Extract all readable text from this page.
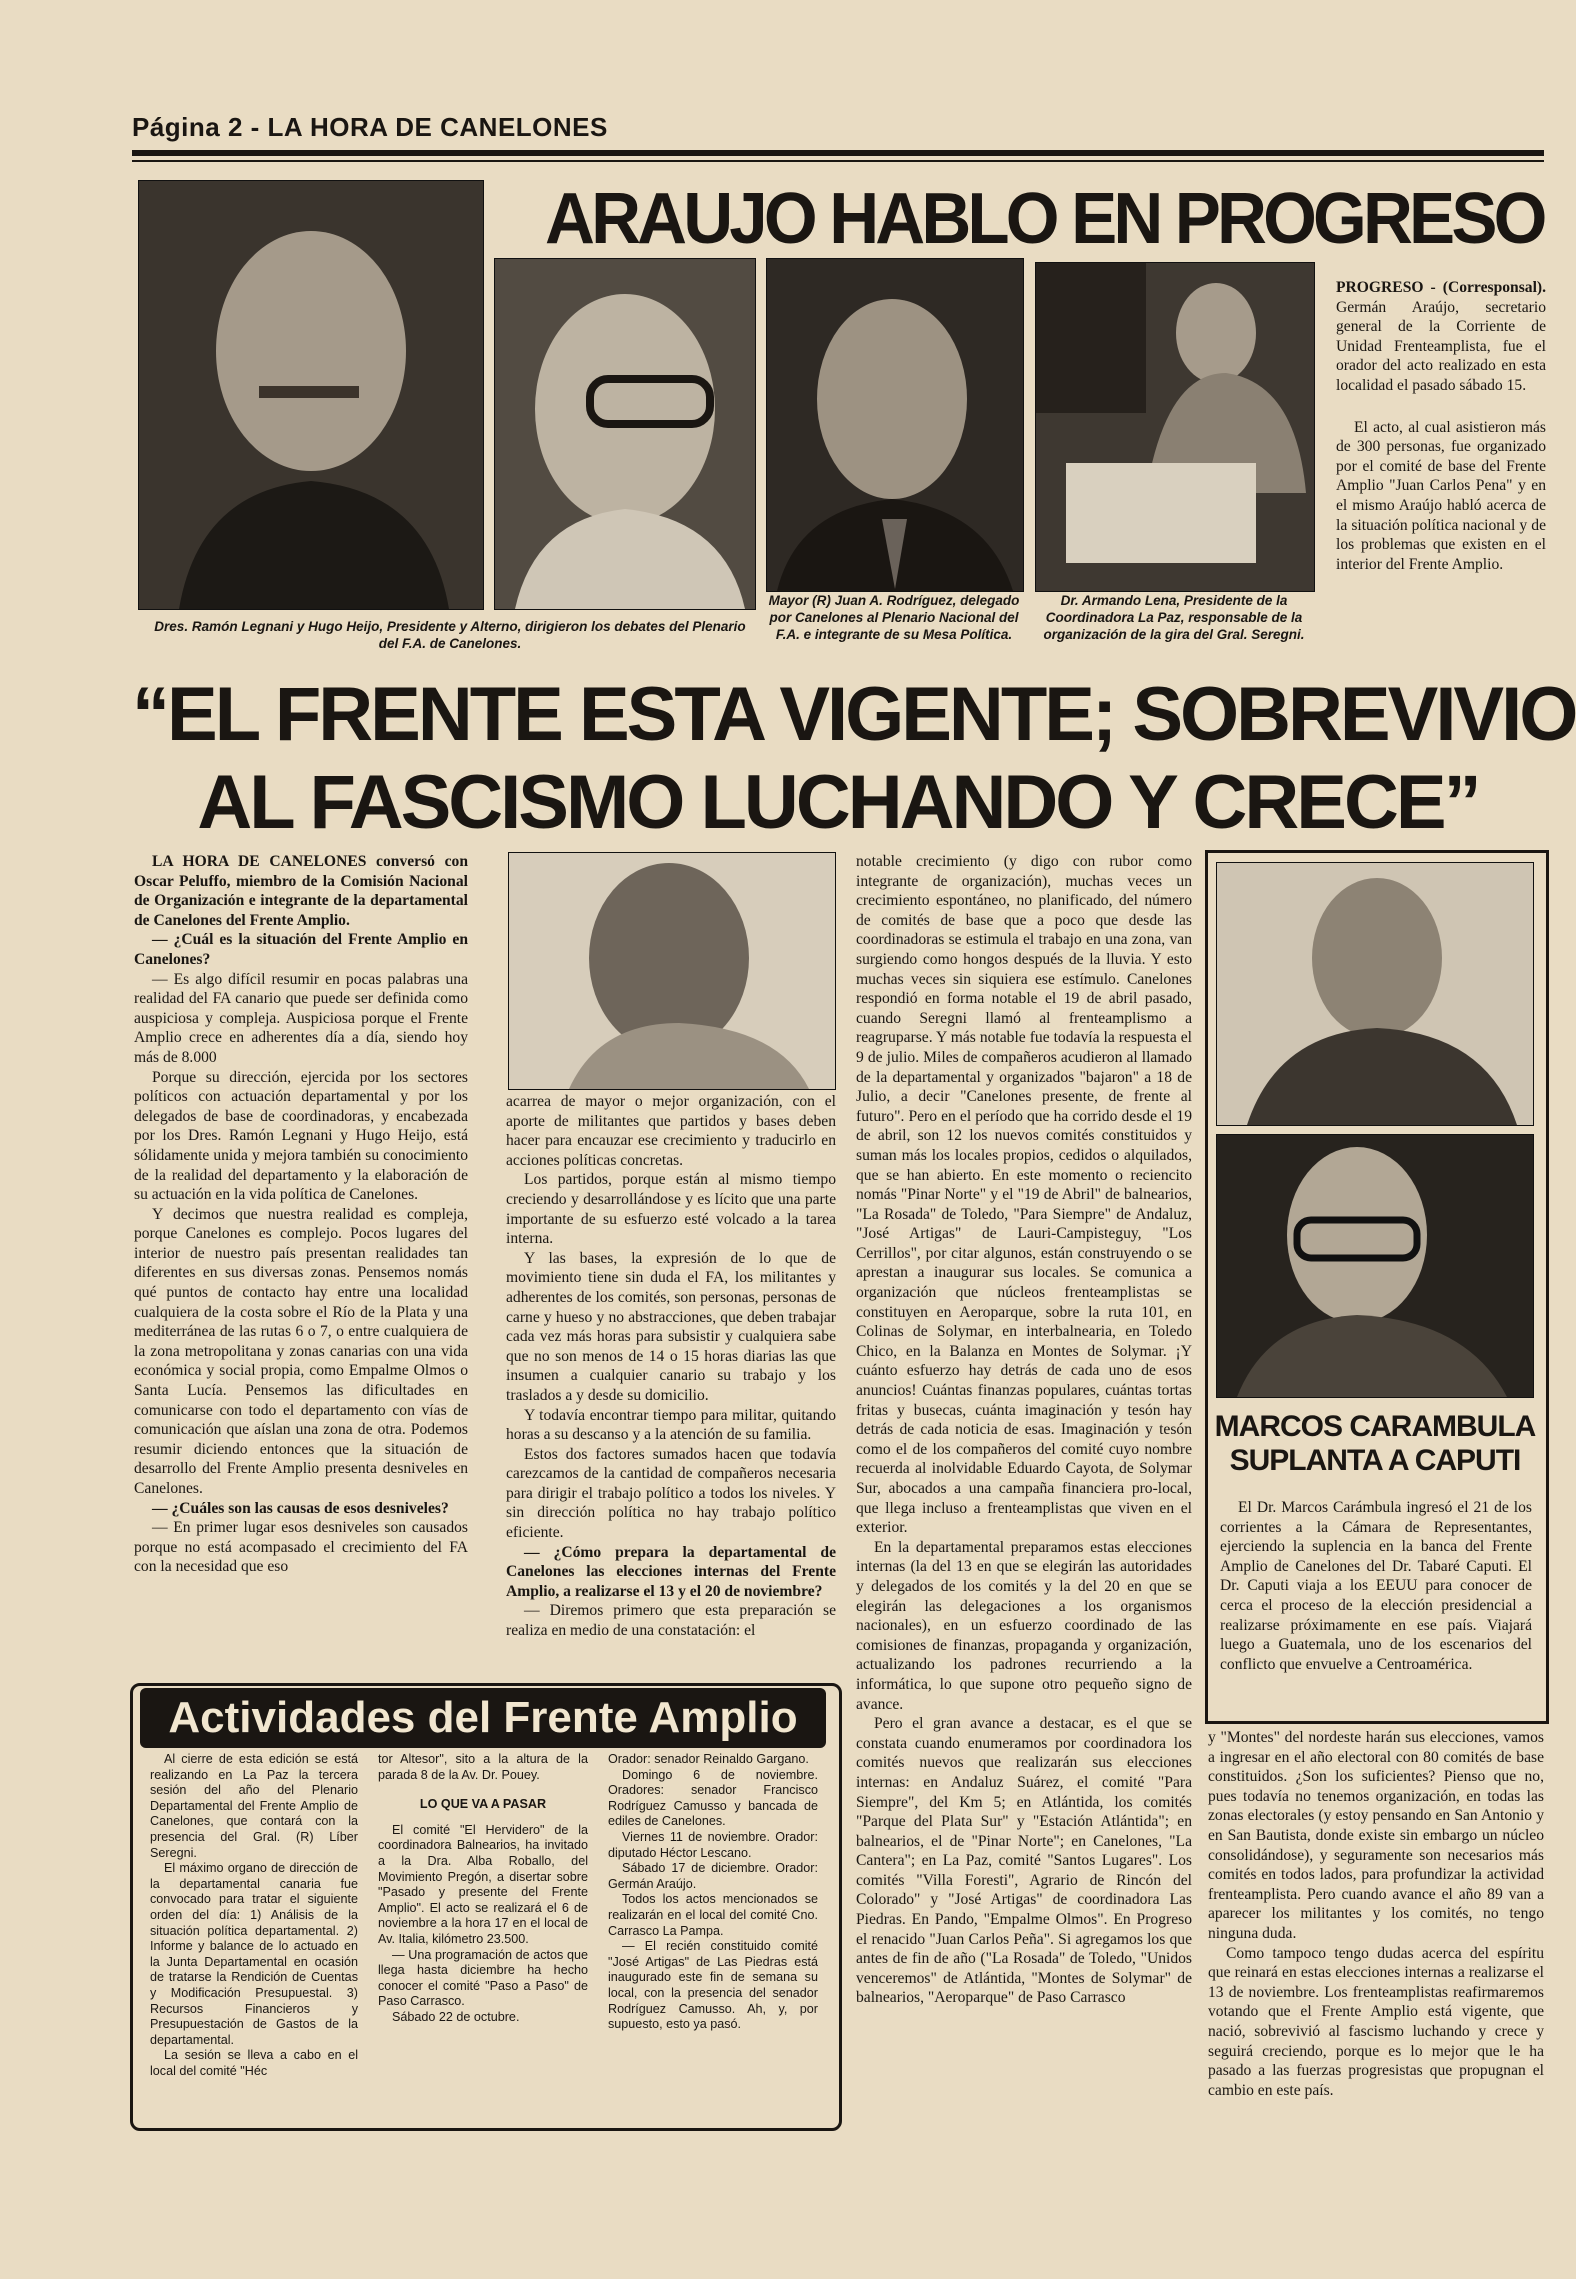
Página 2 - LA HORA DE CANELONES
ARAUJO HABLO EN PROGRESO
Dres. Ramón Legnani y Hugo Heijo, Presidente y Alterno, dirigieron los debates del Plenario del F.A. de Canelones.
Mayor (R) Juan A. Rodríguez, delegado por Canelones al Plenario Nacional del F.A. e integrante de su Mesa Política.
Dr. Armando Lena, Presidente de la Coordinadora La Paz, responsable de la organización de la gira del Gral. Seregni.

PROGRESO - (Corresponsal). Germán Araújo, secretario general de la Corriente de Unidad Frenteamplista, fue el orador del acto realizado en esta localidad el pasado sábado 15.

El acto, al cual asistieron más de 300 personas, fue organizado por el comité de base del Frente Amplio "Juan Carlos Pena" y en el mismo Araújo habló acerca de la situación política nacional y de los problemas que existen en el interior del Frente Amplio.

“EL FRENTE ESTA VIGENTE; SOBREVIVIO
AL FASCISMO LUCHANDO Y CRECE”

LA HORA DE CANELONES conversó con Oscar Peluffo, miembro de la Comisión Nacional de Organización e integrante de la departamental de Canelones del Frente Amplio.

— ¿Cuál es la situación del Frente Amplio en Canelones?

— Es algo difícil resumir en pocas palabras una realidad del FA canario que puede ser definida como auspiciosa y compleja. Auspiciosa porque el Frente Amplio crece en adherentes día a día, siendo hoy más de 8.000

Porque su dirección, ejercida por los sectores políticos con actuación departamental y por los delegados de base de coordinadoras, y encabezada por los Dres. Ramón Legnani y Hugo Heijo, está sólidamente unida y mejora también su conocimiento de la realidad del departamento y la elaboración de su actuación en la vida política de Canelones.

Y decimos que nuestra realidad es compleja, porque Canelones es complejo. Pocos lugares del interior de nuestro país presentan realidades tan diferentes en sus diversas zonas. Pensemos nomás qué puntos de contacto hay entre una localidad cualquiera de la costa sobre el Río de la Plata y una mediterránea de las rutas 6 o 7, o entre cualquiera de la zona metropolitana y zonas canarias con una vida económica y social propia, como Empalme Olmos o Santa Lucía. Pensemos las dificultades en comunicarse con todo el departamento con vías de comunicación que aíslan una zona de otra. Podemos resumir diciendo entonces que la situación de desarrollo del Frente Amplio presenta desniveles en Canelones.

— ¿Cuáles son las causas de esos desniveles?

— En primer lugar esos desniveles son causados porque no está acompasado el crecimiento del FA con la necesidad que eso

acarrea de mayor o mejor organización, con el aporte de militantes que partidos y bases deben hacer para encauzar ese crecimiento y traducirlo en acciones políticas concretas.

Los partidos, porque están al mismo tiempo creciendo y desarrollándose y es lícito que una parte importante de su esfuerzo esté volcado a la tarea interna.

Y las bases, la expresión de lo que de movimiento tiene sin duda el FA, los militantes y adherentes de los comités, son personas, personas de carne y hueso y no abstracciones, que deben trabajar cada vez más horas para subsistir y cualquiera sabe que no son menos de 14 o 15 horas diarias las que insumen a cualquier canario su trabajo y los traslados a y desde su domicilio.

Y todavía encontrar tiempo para militar, quitando horas a su descanso y a la atención de su familia.

Estos dos factores sumados hacen que todavía carezcamos de la cantidad de compañeros necesaria para dirigir el trabajo político a todos los niveles. Y sin dirección política no hay trabajo político eficiente.

— ¿Cómo prepara la departamental de Canelones las elecciones internas del Frente Amplio, a realizarse el 13 y el 20 de noviembre?

— Diremos primero que esta preparación se realiza en medio de una constatación: el

notable crecimiento (y digo con rubor como integrante de organización), muchas veces un crecimiento espontáneo, no planificado, del número de comités de base que a poco que desde las coordinadoras se estimula el trabajo en una zona, van surgiendo como hongos después de la lluvia. Y esto muchas veces sin siquiera ese estímulo. Canelones respondió en forma notable el 19 de abril pasado, cuando Seregni llamó al frenteamplismo a reagruparse. Y más notable fue todavía la respuesta el 9 de julio. Miles de compañeros acudieron al llamado de la departamental y organizados "bajaron" a 18 de Julio, a decir "Canelones presente, de frente al futuro". Pero en el período que ha corrido desde el 19 de abril, son 12 los nuevos comités constituidos y suman más los locales propios, cedidos o alquilados, que se han abierto. En este momento o reciencito nomás "Pinar Norte" y el "19 de Abril" de balnearios, "La Rosada" de Toledo, "Para Siempre" de Andaluz, "José Artigas" de Lauri-Campisteguy, "Los Cerrillos", por citar algunos, están construyendo o se aprestan a inaugurar sus locales. Se comunica a organización que núcleos frenteamplistas se constituyen en Aeroparque, sobre la ruta 101, en Colinas de Solymar, en interbalnearia, en Toledo Chico, en la Balanza en Montes de Solymar. ¡Y cuánto esfuerzo hay detrás de cada uno de esos anuncios! Cuántas finanzas populares, cuántas tortas fritas y busecas, cuánta imaginación y tesón hay detrás de cada noticia de esas. Imaginación y tesón como el de los compañeros del comité cuyo nombre recuerda al inolvidable Eduardo Cayota, de Solymar Sur, abocados a una campaña financiera pro-local, que llega incluso a frenteamplistas que viven en el exterior.

En la departamental preparamos estas elecciones internas (la del 13 en que se elegirán las autoridades y delegados de los comités y la del 20 en que se elegirán las delegaciones a los organismos nacionales), en un esfuerzo coordinado de las comisiones de finanzas, propaganda y organización, actualizando los padrones recurriendo a la informática, lo que supone otro pequeño signo de avance.

Pero el gran avance a destacar, es el que se constata cuando enumeramos por coordinadora los comités nuevos que realizarán sus elecciones internas: en Andaluz Suárez, el comité "Para Siempre", del Km 5; en Atlántida, los comités "Parque del Plata Sur" y "Estación Atlántida"; en balnearios, el de "Pinar Norte"; en Canelones, "La Cantera"; en La Paz, comité "Santos Lugares". Los comités "Villa Foresti", Agrario de Rincón del Colorado" y "José Artigas" de coordinadora Las Piedras. En Pando, "Empalme Olmos". En Progreso el renacido "Juan Carlos Peña". Si agregamos los que antes de fin de año ("La Rosada" de Toledo, "Unidos venceremos" de Atlántida, "Montes de Solymar" de balnearios, "Aeroparque" de Paso Carrasco

MARCOS CARAMBULA
SUPLANTA A CAPUTI

El Dr. Marcos Carámbula ingresó el 21 de los corrientes a la Cámara de Representantes, ejerciendo la suplencia en la banca del Frente Amplio de Canelones del Dr. Tabaré Caputi. El Dr. Caputi viaja a los EEUU para conocer de cerca el proceso de la elección presidencial a realizarse próximamente en ese país. Viajará luego a Guatemala, uno de los escenarios del conflicto que envuelve a Centroamérica.

y "Montes" del nordeste harán sus elecciones, vamos a ingresar en el año electoral con 80 comités de base constituidos. ¿Son los suficientes? Pienso que no, pues todavía no tenemos organización, en todas las zonas electorales (y estoy pensando en San Antonio y en San Bautista, donde existe sin embargo un núcleo consolidándose), y seguramente son necesarios más comités en todos lados, para profundizar la actividad frenteamplista. Pero cuando avance el año 89 van a aparecer los militantes y los comités, no tengo ninguna duda.

Como tampoco tengo dudas acerca del espíritu que reinará en estas elecciones internas a realizarse el 13 de noviembre. Los frenteamplistas reafirmaremos votando que el Frente Amplio está vigente, que nació, sobrevivió al fascismo luchando y crece y seguirá creciendo, porque es lo mejor que le ha pasado a las fuerzas progresistas que propugnan el cambio en este país.

Actividades del Frente Amplio

Al cierre de esta edición se está realizando en La Paz la tercera sesión del año del Plenario Departamental del Frente Amplio de Canelones, que contará con la presencia del Gral. (R) Líber Seregni.

El máximo organo de dirección de la departamental canaria fue convocado para tratar el siguiente orden del día: 1) Análisis de la situación política departamental. 2) Informe y balance de lo actuado en la Junta Departamental en ocasión de tratarse la Rendición de Cuentas y Modificación Presupuestal. 3) Recursos Financieros y Presupuestación de Gastos de la departamental.

La sesión se lleva a cabo en el local del comité "Héc

tor Altesor", sito a la altura de la parada 8 de la Av. Dr. Pouey.

LO QUE VA A PASAR

El comité "El Hervidero" de la coordinadora Balnearios, ha invitado a la Dra. Alba Roballo, del Movimiento Pregón, a disertar sobre "Pasado y presente del Frente Amplio". El acto se realizará el 6 de noviembre a la hora 17 en el local de Av. Italia, kilómetro 23.500.

— Una programación de actos que llega hasta diciembre ha hecho conocer el comité "Paso a Paso" de Paso Carrasco.

Sábado 22 de octubre.

Orador: senador Reinaldo Gargano.

Domingo 6 de noviembre. Oradores: senador Francisco Rodríguez Camusso y bancada de ediles de Canelones.

Viernes 11 de noviembre. Orador: diputado Héctor Lescano.

Sábado 17 de diciembre. Orador: Germán Araújo.

Todos los actos mencionados se realizarán en el local del comité Cno. Carrasco La Pampa.

— El recién constituido comité "José Artigas" de Las Piedras está inaugurado este fin de semana su local, con la presencia del senador Rodríguez Camusso. Ah, y, por supuesto, esto ya pasó.
